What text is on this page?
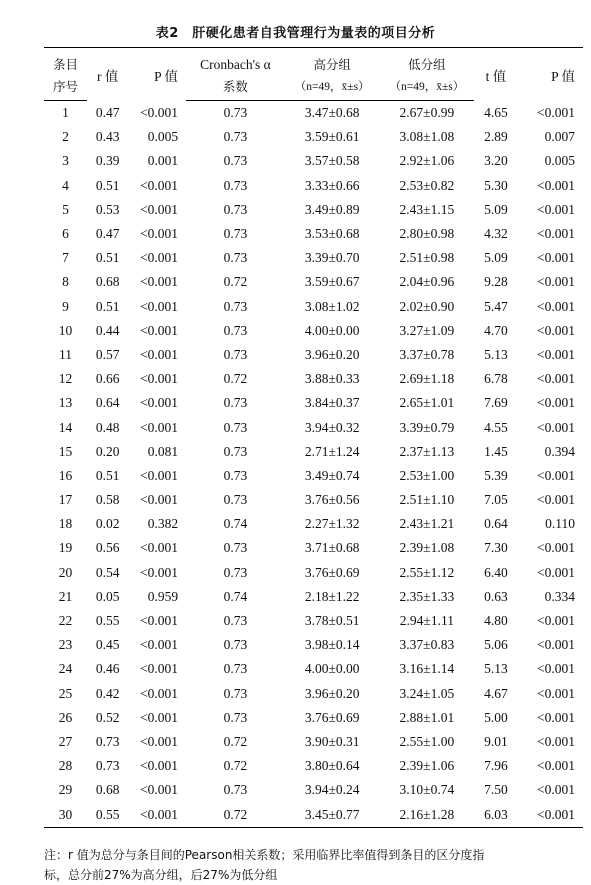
表2　肝硬化患者自我管理行为量表的项目分析
条目	r 值	P 值	Cronbach's α	高分组	低分组	t 值	P 值
序号			系数	（n=49，x̄±s）	（n=49，x̄±s）		
1	0.47	<0.001	0.73	3.47±0.68	2.67±0.99	4.65	<0.001
2	0.43	0.005	0.73	3.59±0.61	3.08±1.08	2.89	0.007
3	0.39	0.001	0.73	3.57±0.58	2.92±1.06	3.20	0.005
4	0.51	<0.001	0.73	3.33±0.66	2.53±0.82	5.30	<0.001
5	0.53	<0.001	0.73	3.49±0.89	2.43±1.15	5.09	<0.001
6	0.47	<0.001	0.73	3.53±0.68	2.80±0.98	4.32	<0.001
7	0.51	<0.001	0.73	3.39±0.70	2.51±0.98	5.09	<0.001
8	0.68	<0.001	0.72	3.59±0.67	2.04±0.96	9.28	<0.001
9	0.51	<0.001	0.73	3.08±1.02	2.02±0.90	5.47	<0.001
10	0.44	<0.001	0.73	4.00±0.00	3.27±1.09	4.70	<0.001
11	0.57	<0.001	0.73	3.96±0.20	3.37±0.78	5.13	<0.001
12	0.66	<0.001	0.72	3.88±0.33	2.69±1.18	6.78	<0.001
13	0.64	<0.001	0.73	3.84±0.37	2.65±1.01	7.69	<0.001
14	0.48	<0.001	0.73	3.94±0.32	3.39±0.79	4.55	<0.001
15	0.20	0.081	0.73	2.71±1.24	2.37±1.13	1.45	0.394
16	0.51	<0.001	0.73	3.49±0.74	2.53±1.00	5.39	<0.001
17	0.58	<0.001	0.73	3.76±0.56	2.51±1.10	7.05	<0.001
18	0.02	0.382	0.74	2.27±1.32	2.43±1.21	0.64	0.110
19	0.56	<0.001	0.73	3.71±0.68	2.39±1.08	7.30	<0.001
20	0.54	<0.001	0.73	3.76±0.69	2.55±1.12	6.40	<0.001
21	0.05	0.959	0.74	2.18±1.22	2.35±1.33	0.63	0.334
22	0.55	<0.001	0.73	3.78±0.51	2.94±1.11	4.80	<0.001
23	0.45	<0.001	0.73	3.98±0.14	3.37±0.83	5.06	<0.001
24	0.46	<0.001	0.73	4.00±0.00	3.16±1.14	5.13	<0.001
25	0.42	<0.001	0.73	3.96±0.20	3.24±1.05	4.67	<0.001
26	0.52	<0.001	0.73	3.76±0.69	2.88±1.01	5.00	<0.001
27	0.73	<0.001	0.72	3.90±0.31	2.55±1.00	9.01	<0.001
28	0.73	<0.001	0.72	3.80±0.64	2.39±1.06	7.96	<0.001
29	0.68	<0.001	0.73	3.94±0.24	3.10±0.74	7.50	<0.001
30	0.55	<0.001	0.72	3.45±0.77	2.16±1.28	6.03	<0.001
注：r 值为总分与条目间的Pearson相关系数；采用临界比率值得到条目的区分度指
标，总分前27%为高分组，后27%为低分组
